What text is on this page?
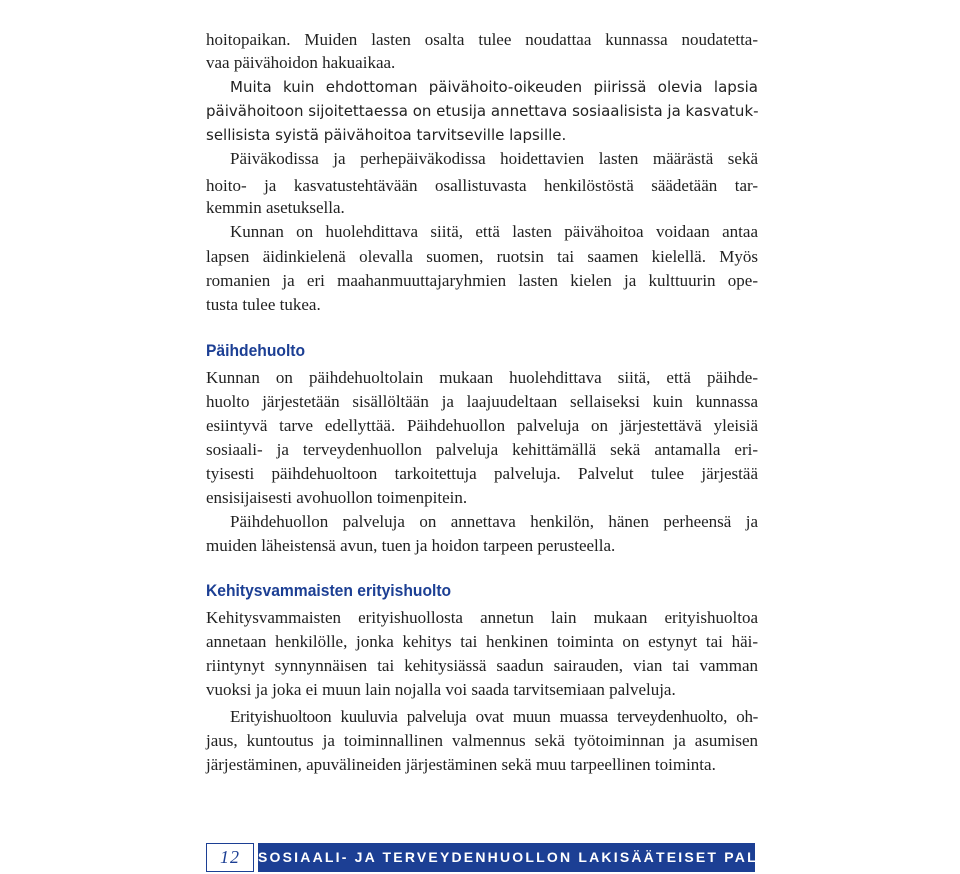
hoitopaikan. Muiden lasten osalta tulee noudattaa kunnassa noudatetta-
vaa päivähoidon hakuaikaa.
Muita kuin ehdottoman päivähoito-oikeuden piirissä olevia lapsia
päivähoitoon sijoitettaessa on etusija annettava sosiaalisista ja kasvatuk-
sellisista syistä päivähoitoa tarvitseville lapsille.
Päiväkodissa ja perhepäiväkodissa hoidettavien lasten määrästä sekä
hoito- ja kasvatustehtävään osallistuvasta henkilöstöstä säädetään tar-
kemmin asetuksella.
Kunnan on huolehdittava siitä, että lasten päivähoitoa voidaan antaa
lapsen äidinkielenä olevalla suomen, ruotsin tai saamen kielellä. Myös
romanien ja eri maahanmuuttajaryhmien lasten kielen ja kulttuurin ope-
tusta tulee tukea.
Päihdehuolto
Kunnan on päihdehuoltolain mukaan huolehdittava siitä, että päihde-
huolto järjestetään sisällöltään ja laajuudeltaan sellaiseksi kuin kunnassa
esiintyvä tarve edellyttää. Päihdehuollon palveluja on järjestettävä yleisiä
sosiaali- ja terveydenhuollon palveluja kehittämällä sekä antamalla eri-
tyisesti päihdehuoltoon tarkoitettuja palveluja. Palvelut tulee järjestää
ensisijaisesti avohuollon toimenpitein.
Päihdehuollon palveluja on annettava henkilön, hänen perheensä ja
muiden läheistensä avun, tuen ja hoidon tarpeen perusteella.
Kehitysvammaisten erityishuolto
Kehitysvammaisten erityishuollosta annetun lain mukaan erityishuoltoa
annetaan henkilölle, jonka kehitys tai henkinen toiminta on estynyt tai häi-
riintynyt synnynnäisen tai kehitysiässä saadun sairauden, vian tai vamman
vuoksi ja joka ei muun lain nojalla voi saada tarvitsemiaan palveluja.
Erityishuoltoon kuuluvia palveluja ovat muun muassa terveydenhuolto, oh-
jaus, kuntoutus ja toiminnallinen valmennus sekä työtoiminnan ja asumisen
järjestäminen, apuvälineiden järjestäminen sekä muu tarpeellinen toiminta.
12	SOSIAALI- JA TERVEYDENHUOLLON LAKISÄÄTEISET PALVELUT
